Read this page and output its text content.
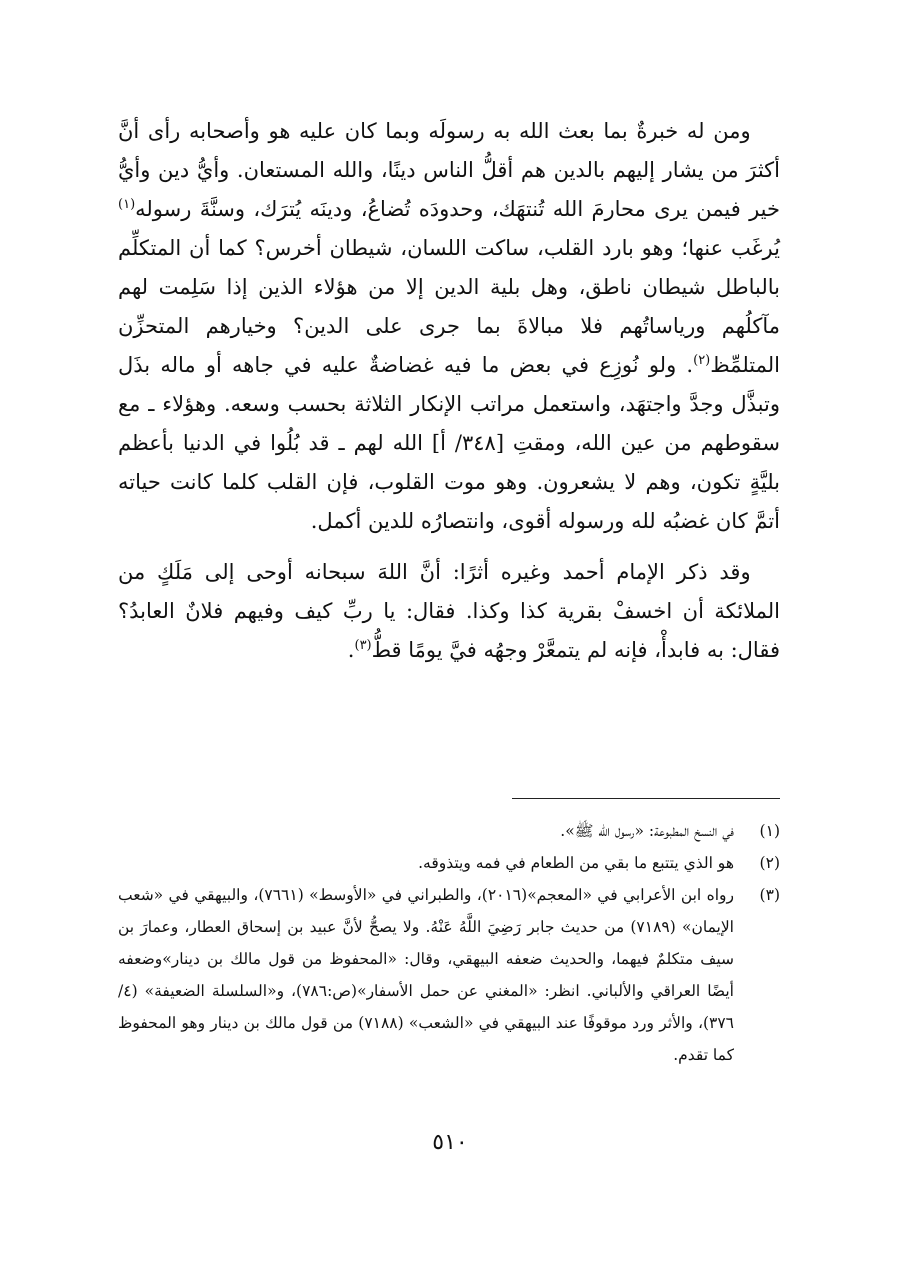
ومن له خبرةٌ بما بعث الله به رسولَه وبما كان عليه هو وأصحابه رأى أنَّ أكثرَ من يشار إليهم بالدين هم أقلُّ الناس دينًا، والله المستعان. وأيُّ دين وأيُّ خير فيمن يرى محارمَ الله تُنتهَك، وحدودَه تُضاعُ، ودينَه يُترَك، وسنَّةَ رسوله$^{(١)}$ يُرغَب عنها؛ وهو بارد القلب، ساكت اللسان، شيطان أخرس؟ كما أن المتكلِّم بالباطل شيطان ناطق، وهل بلية الدين إلا من هؤلاء الذين إذا سَلِمت لهم مآكلُهم ورياساتُهم فلا مبالاةَ بما جرى على الدين؟ وخيارهم المتحزِّن المتلمِّظ$^{(٢)}$. ولو نُوزِع في بعض ما فيه غضاضةٌ عليه في جاهه أو ماله بذَل وتبذَّل وجدَّ واجتهَد، واستعمل مراتب الإنكار الثلاثة بحسب وسعه. وهؤلاء ـ مع سقوطهم من عين الله، ومقتِ [٣٤٨/ أ] الله لهم ـ قد بُلُوا في الدنيا بأعظم بليَّةٍ تكون، وهم لا يشعرون. وهو موت القلوب، فإن القلب كلما كانت حياته أتمَّ كان غضبُه لله ورسوله أقوى، وانتصارُه للدين أكمل.

وقد ذكر الإمام أحمد وغيره أثرًا: أنَّ اللهَ سبحانه أوحى إلى مَلَكٍ من الملائكة أن اخسفْ بقرية كذا وكذا. فقال: يا ربِّ كيف وفيهم فلانٌ العابدُ؟ فقال: به فابدأْ، فإنه لم يتمعَّرْ وجهُه فيَّ يومًا قطُّ$^{(٣)}$.

(١)
في النسخ المطبوعة: «رسول الله ﷺ».
(٢)
هو الذي يتتبع ما بقي من الطعام في فمه ويتذوقه.
(٣)
رواه ابن الأعرابي في «المعجم»(٢٠١٦)، والطبراني في «الأوسط» (٧٦٦١)، والبيهقي في «شعب الإيمان» (٧١٨٩) من حديث جابر رَضِيَ اللَّهُ عَنْهُ. ولا يصحُّ لأنَّ عبيد بن إسحاق العطار، وعمارَ بن سيف متكلمٌ فيهما، والحديث ضعفه البيهقي، وقال: «المحفوظ من قول مالك بن دينار»وضعفه أيضًا العراقي والألباني. انظر: «المغني عن حمل الأسفار»(ص:٧٨٦)، و«السلسلة الضعيفة» (٤/ ٣٧٦)، والأثر ورد موقوفًا عند البيهقي في «الشعب» (٧١٨٨) من قول مالك بن دينار وهو المحفوظ كما تقدم.
٥١٠
